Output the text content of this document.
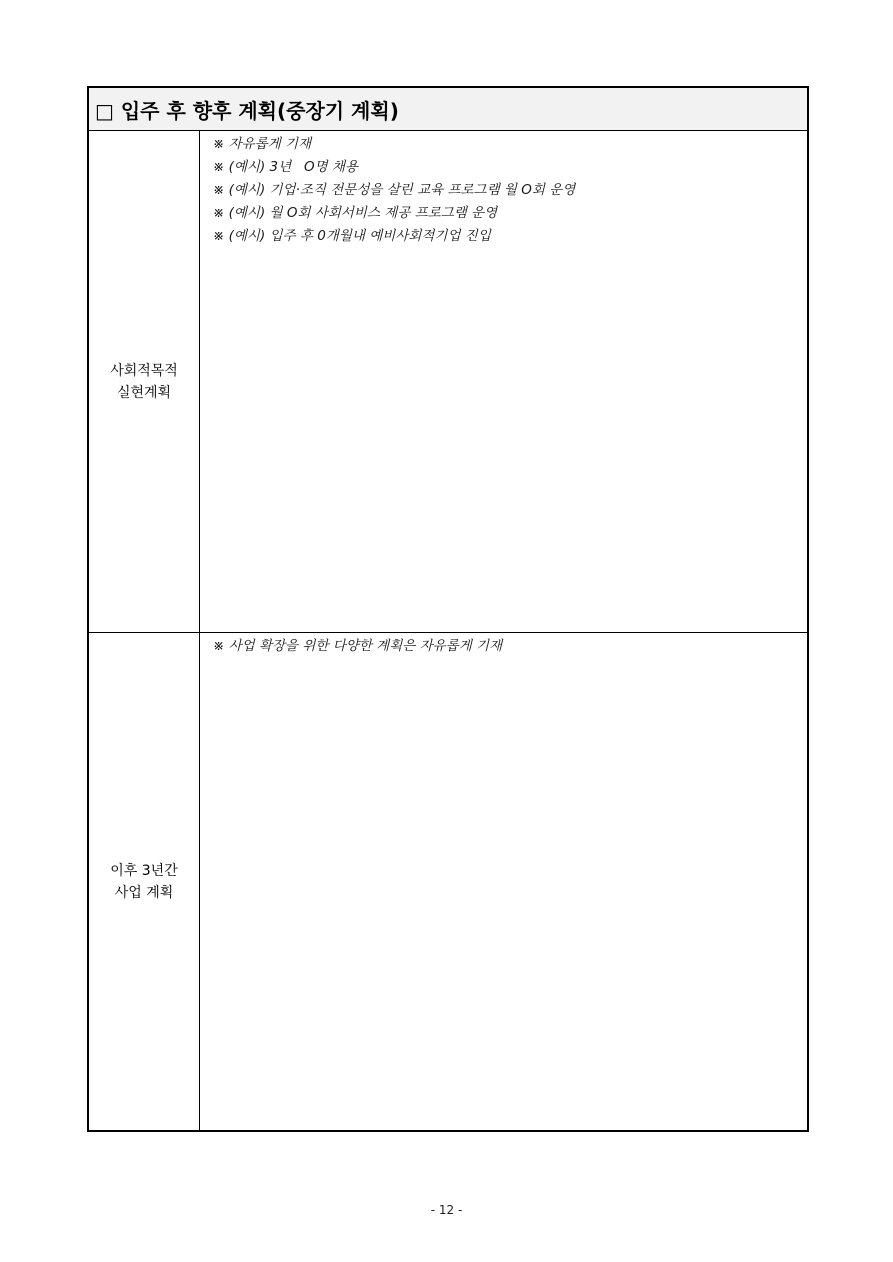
□ 입주 후 향후 계획(중장기 계획)
사회적목적
실현계획
※ 자유롭게 기재
※ (예시) 3년   O명 채용
※ (예시) 기업·조직 전문성을 살린 교육 프로그램 월 O회 운영
※ (예시) 월 O회 사회서비스 제공 프로그램 운영
※ (예시) 입주 후 0개월내 예비사회적기업 진입
이후 3년간
사업 계획
※ 사업 확장을 위한 다양한 계획은 자유롭게 기재
- 12 -
